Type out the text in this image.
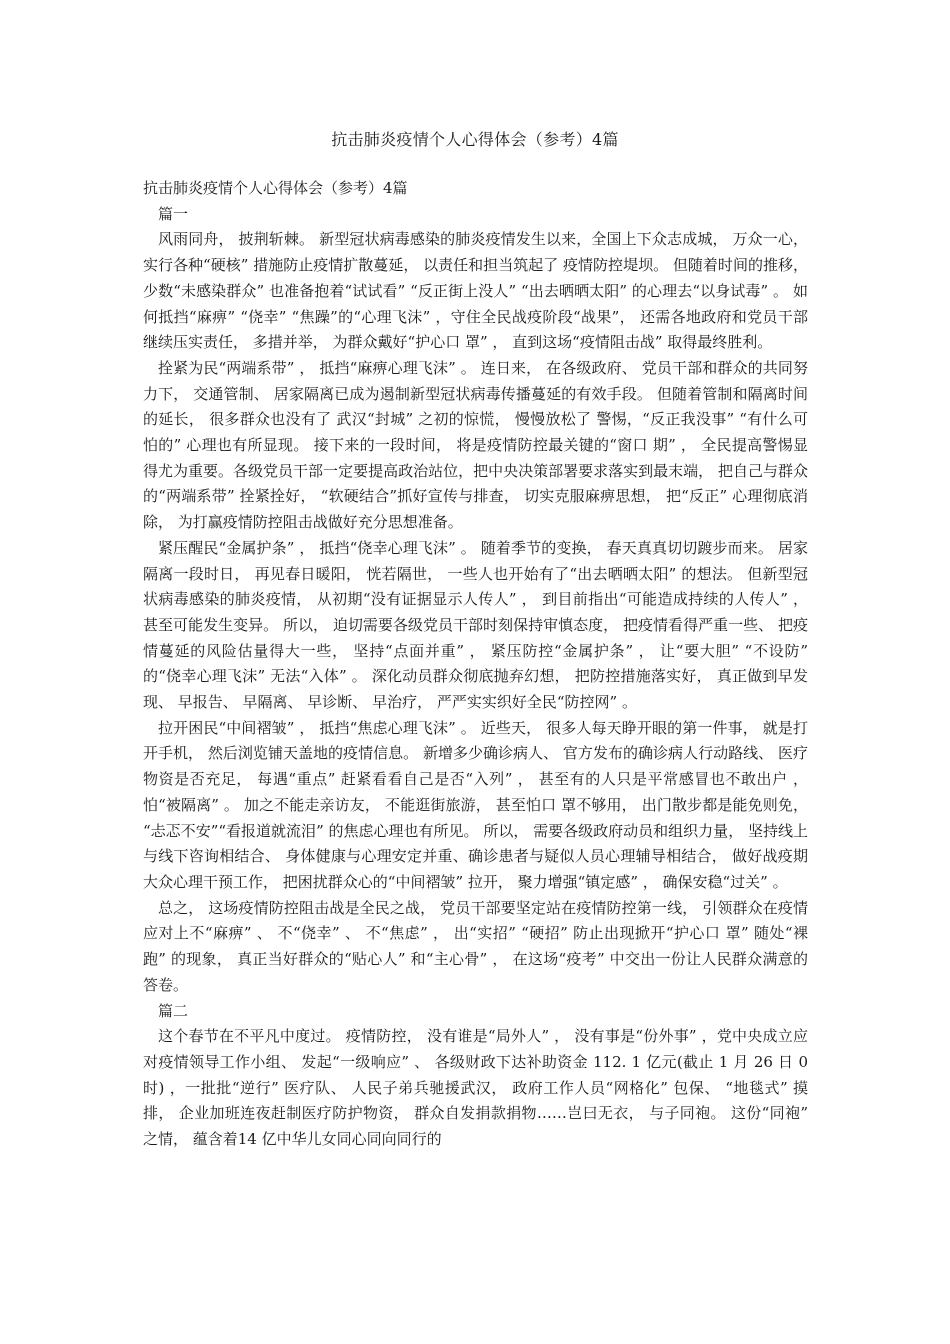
抗击肺炎疫情个人心得体会（参考）4篇

抗击肺炎疫情个人心得体会（参考）4篇

篇一

风雨同舟， 披荆斩棘。 新型冠状病毒感染的肺炎疫情发生以来，全国上下众志成城， 万众一心， 实行各种“硬核” 措施防止疫情扩散蔓延， 以责任和担当筑起了 疫情防控堤坝。 但随着时间的推移， 少数“未感染群众” 也准备抱着“试试看” “反正街上没人” “出去晒晒太阳” 的心理去“以身试毒” 。 如何抵挡“麻痹” “侥幸” “焦躁”的“心理飞沫” ，守住全民战疫阶段“战果”， 还需各地政府和党员干部继续压实责任， 多措并举， 为群众戴好“护心口 罩” ， 直到这场“疫情阻击战” 取得最终胜利。

拴紧为民“两端系带” ， 抵挡“麻痹心理飞沫” 。 连日来， 在各级政府、 党员干部和群众的共同努力下， 交通管制、 居家隔离已成为遏制新型冠状病毒传播蔓延的有效手段。 但随着管制和隔离时间的延长， 很多群众也没有了 武汉“封城” 之初的惊慌， 慢慢放松了 警惕，“反正我没事” “有什么可怕的” 心理也有所显现。 接下来的一段时间， 将是疫情防控最关键的“窗口 期” ， 全民提高警惕显得尤为重要。各级党员干部一定要提高政治站位，把中央决策部署要求落实到最末端， 把自己与群众的“两端系带” 拴紧拴好， “软硬结合”抓好宣传与排查， 切实克服麻痹思想， 把“反正” 心理彻底消除， 为打赢疫情防控阻击战做好充分思想准备。

紧压醒民“金属护条” ， 抵挡“侥幸心理飞沫” 。 随着季节的变换， 春天真真切切踱步而来。 居家隔离一段时日， 再见春日暖阳， 恍若隔世， 一些人也开始有了“出去晒晒太阳” 的想法。 但新型冠状病毒感染的肺炎疫情， 从初期“没有证据显示人传人” ， 到目前指出“可能造成持续的人传人” ， 甚至可能发生变异。 所以， 迫切需要各级党员干部时刻保持审慎态度， 把疫情看得严重一些、 把疫情蔓延的风险估量得大一些， 坚持“点面并重” ， 紧压防控“金属护条” ， 让“要大胆” “不设防” 的“侥幸心理飞沫” 无法“入体” 。 深化动员群众彻底抛弃幻想， 把防控措施落实好， 真正做到早发现、 早报告、 早隔离、 早诊断、 早治疗， 严严实实织好全民“防控网” 。

拉开困民“中间褶皱” ， 抵挡“焦虑心理飞沫” 。 近些天， 很多人每天睁开眼的第一件事， 就是打开手机， 然后浏览铺天盖地的疫情信息。 新增多少确诊病人、 官方发布的确诊病人行动路线、 医疗物资是否充足， 每遇“重点” 赶紧看看自己是否“入列” ， 甚至有的人只是平常感冒也不敢出户 ， 怕“被隔离” 。 加之不能走亲访友， 不能逛街旅游， 甚至怕口 罩不够用， 出门散步都是能免则免， “忐忑不安”“看报道就流泪” 的焦虑心理也有所见。 所以， 需要各级政府动员和组织力量， 坚持线上与线下咨询相结合、 身体健康与心理安定并重、确诊患者与疑似人员心理辅导相结合， 做好战疫期大众心理干预工作， 把困扰群众心的“中间褶皱” 拉开， 聚力增强“镇定感” ， 确保安稳“过关” 。

总之， 这场疫情防控阻击战是全民之战， 党员干部要坚定站在疫情防控第一线， 引领群众在疫情应对上不“麻痹” 、 不“侥幸” 、 不“焦虑” ， 出“实招” “硬招” 防止出现掀开“护心口 罩” 随处“裸跑” 的现象， 真正当好群众的“贴心人” 和“主心骨” ， 在这场“疫考” 中交出一份让人民群众满意的答卷。

篇二

这个春节在不平凡中度过。 疫情防控， 没有谁是“局外人” ， 没有事是“份外事” ，党中央成立应对疫情领导工作小组、 发起“一级响应” 、 各级财政下达补助资金 112. 1 亿元(截止 1 月 26 日 0 时) ，一批批“逆行” 医疗队、 人民子弟兵驰援武汉， 政府工作人员“网格化” 包保、 “地毯式” 摸排， 企业加班连夜赶制医疗防护物资， 群众自发捐款捐物……岂曰无衣， 与子同袍。 这份“同袍” 之情， 蕴含着14 亿中华儿女同心同向同行的
